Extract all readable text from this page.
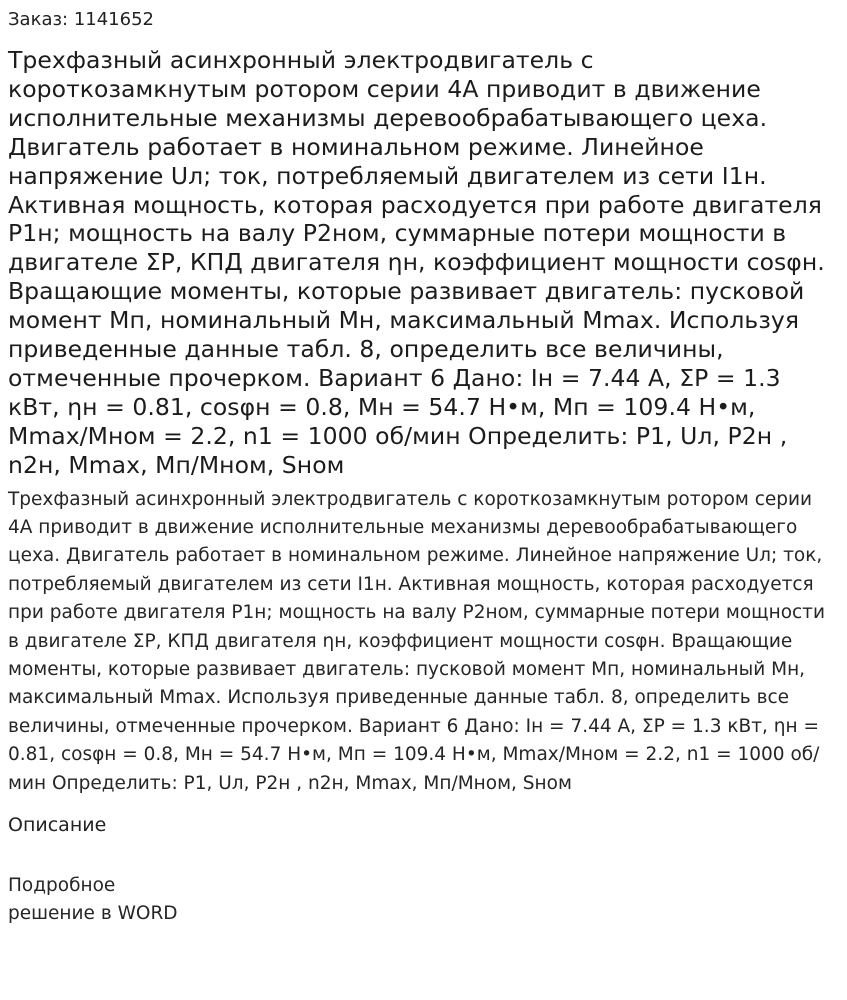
Заказ: 1141652
Трехфазный асинхронный электродвигатель с короткозамкнутым ротором серии 4А приводит в движение исполнительные механизмы деревообрабатывающего цеха. Двигатель работает в номинальном режиме. Линейное напряжение Uл; ток, потребляемый двигателем из сети I1н. Активная мощность, которая расходуется при работе двигателя P1н; мощность на валу P2ном, суммарные потери мощности в двигателе ΣP, КПД двигателя ηн, коэффициент мощности cosφн. Вращающие моменты, которые развивает двигатель: пусковой момент Mп, номинальный Mн, максимальный Mmax. Используя приведенные данные табл. 8, определить все величины, отмеченные прочерком. Вариант 6 Дано: Iн = 7.44 А, ΣP = 1.3 кВт, ηн = 0.81, cosφн = 0.8, Mн = 54.7 Н•м, Mп = 109.4 Н•м, Mmax/Mном = 2.2, n1 = 1000 об/мин Определить: P1, Uл, P2н , n2н, Mmax, Mп/Mном, Sном

Трехфазный асинхронный электродвигатель с короткозамкнутым ротором серии 4А приводит в движение исполнительные механизмы деревообрабатывающего цеха. Двигатель работает в номинальном режиме. Линейное напряжение Uл; ток, потребляемый двигателем из сети I1н. Активная мощность, которая расходуется при работе двигателя P1н; мощность на валу P2ном, суммарные потери мощности в двигателе ΣP, КПД двигателя ηн, коэффициент мощности cosφн. Вращающие моменты, которые развивает двигатель: пусковой момент Mп, номинальный Mн, максимальный Mmax. Используя приведенные данные табл. 8, определить все величины, отмеченные прочерком. Вариант 6 Дано: Iн = 7.44 А, ΣP = 1.3 кВт, ηн = 0.81, cosφн = 0.8, Mн = 54.7 Н•м, Mп = 109.4 Н•м, Mmax/Mном = 2.2, n1 = 1000 об/мин Определить: P1, Uл, P2н , n2н, Mmax, Mп/Mном, Sном

Описание
Подробное
решение в WORD
